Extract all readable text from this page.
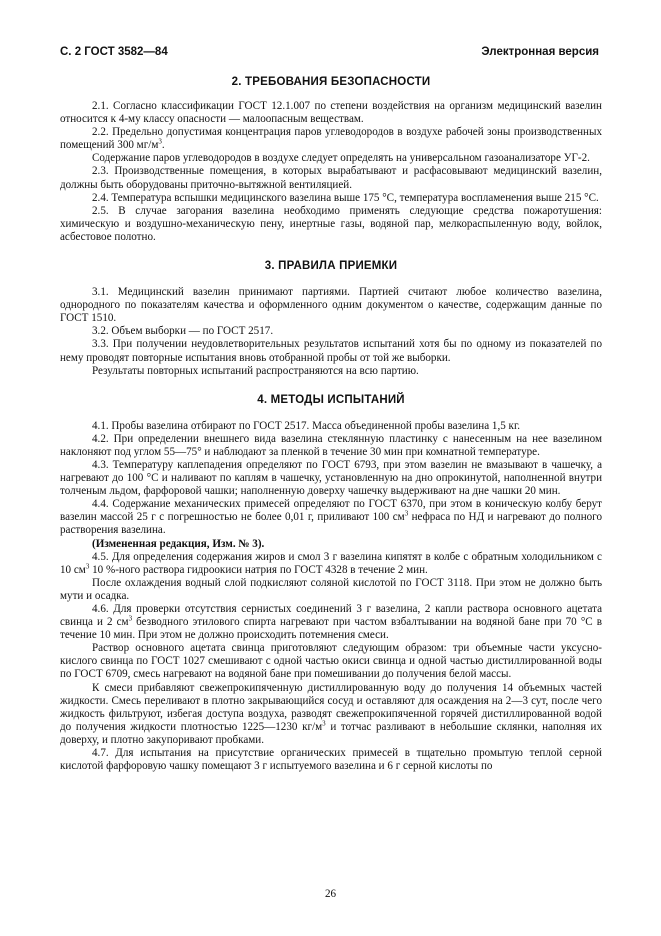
С. 2 ГОСТ 3582—84	Электронная версия
2. ТРЕБОВАНИЯ БЕЗОПАСНОСТИ

2.1. Согласно классификации ГОСТ 12.1.007 по степени воздействия на организм медицинский вазелин относится к 4-му классу опасности — малоопасным веществам.

2.2. Предельно допустимая концентрация паров углеводородов в воздухе рабочей зоны производственных помещений 300 $мг/м^3$.

Содержание паров углеводородов в воздухе следует определять на универсальном газоанализаторе УГ-2.

2.3. Производственные помещения, в которых вырабатывают и расфасовывают медицинский вазелин, должны быть оборудованы приточно-вытяжной вентиляцией.

2.4. Температура вспышки медицинского вазелина выше 175 °С, температура воспламенения выше 215 °С.

2.5. В случае загорания вазелина необходимо применять следующие средства пожаротушения: химическую и воздушно-механическую пену, инертные газы, водяной пар, мелкораспыленную воду, войлок, асбестовое полотно.

3. ПРАВИЛА ПРИЕМКИ

3.1. Медицинский вазелин принимают партиями. Партией считают любое количество вазелина, однородного по показателям качества и оформленного одним документом о качестве, содержащим данные по ГОСТ 1510.

3.2. Объем выборки — по ГОСТ 2517.

3.3. При получении неудовлетворительных результатов испытаний хотя бы по одному из показателей по нему проводят повторные испытания вновь отобранной пробы от той же выборки.

Результаты повторных испытаний распространяются на всю партию.

4. МЕТОДЫ ИСПЫТАНИЙ

4.1. Пробы вазелина отбирают по ГОСТ 2517. Масса объединенной пробы вазелина 1,5 кг.

4.2. При определении внешнего вида вазелина стеклянную пластинку с нанесенным на нее вазелином наклоняют под углом 55—75° и наблюдают за пленкой в течение 30 мин при комнатной температуре.

4.3. Температуру каплепадения определяют по ГОСТ 6793, при этом вазелин не вмазывают в чашечку, а нагревают до 100 °С и наливают по каплям в чашечку, установленную на дно опрокинутой, наполненной внутри толченым льдом, фарфоровой чашки; наполненную доверху чашечку выдерживают на дне чашки 20 мин.

4.4. Содержание механических примесей определяют по ГОСТ 6370, при этом в коническую колбу берут вазелин массой 25 г с погрешностью не более 0,01 г, приливают 100 $см^3$ нефраса по НД и нагревают до полного растворения вазелина.

(Измененная редакция, Изм. № 3).

4.5. Для определения содержания жиров и смол 3 г вазелина кипятят в колбе с обратным холодильником с 10 $см^3$ 10 %-ного раствора гидроокиси натрия по ГОСТ 4328 в течение 2 мин.

После охлаждения водный слой подкисляют соляной кислотой по ГОСТ 3118. При этом не должно быть мути и осадка.

4.6. Для проверки отсутствия сернистых соединений 3 г вазелина, 2 капли раствора основного ацетата свинца и 2 $см^3$ безводного этилового спирта нагревают при частом взбалтывании на водяной бане при 70 °С в течение 10 мин. При этом не должно происходить потемнения смеси.

Раствор основного ацетата свинца приготовляют следующим образом: три объемные части уксусно-кислого свинца по ГОСТ 1027 смешивают с одной частью окиси свинца и одной частью дистиллированной воды по ГОСТ 6709, смесь нагревают на водяной бане при помешивании до получения белой массы.

К смеси прибавляют свежепрокипяченную дистиллированную воду до получения 14 объемных частей жидкости. Смесь переливают в плотно закрывающийся сосуд и оставляют для осаждения на 2—3 сут, после чего жидкость фильтруют, избегая доступа воздуха, разводят свежепрокипяченной горячей дистиллированной водой до получения жидкости плотностью 1225—1230 $кг/м^3$ и тотчас разливают в небольшие склянки, наполняя их доверху, и плотно закупоривают пробками.

4.7. Для испытания на присутствие органических примесей в тщательно промытую теплой серной кислотой фарфоровую чашку помещают 3 г испытуемого вазелина и 6 г серной кислоты по

26
